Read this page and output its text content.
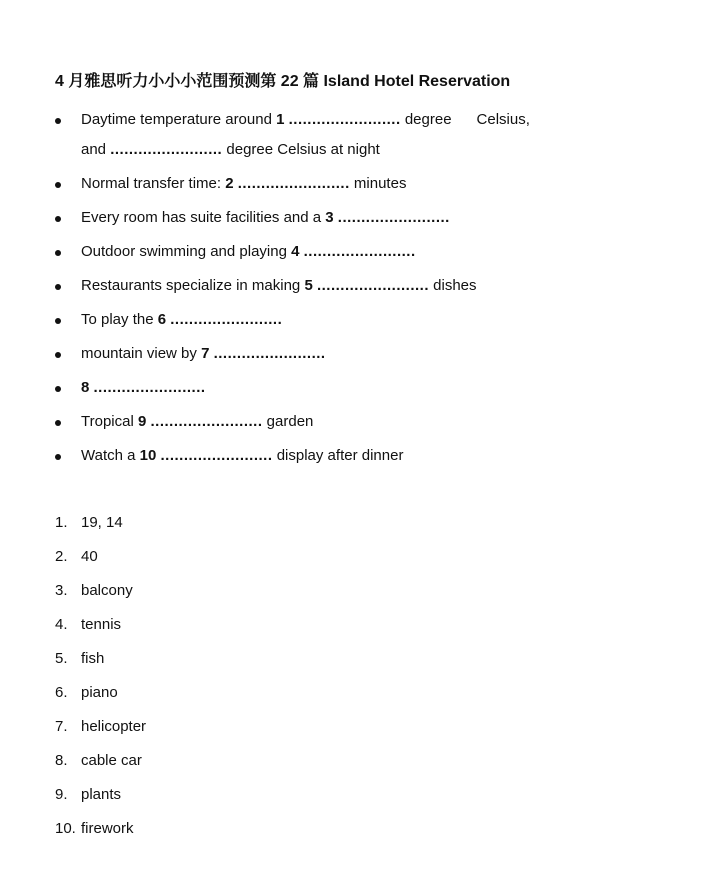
4 月雅思听力小小小范围预测第 22 篇 Island Hotel Reservation
Daytime temperature around 1 ........................ degree      Celsius,
and ........................ degree Celsius at night
Normal transfer time: 2 ........................ minutes
Every room has suite facilities and a 3 ........................
Outdoor swimming and playing 4 ........................
Restaurants specialize in making 5 ........................ dishes
To play the 6 ........................
mountain view by 7 ........................
8 ........................
Tropical 9 ........................ garden
Watch a 10 ........................ display after dinner
1. 19, 14
2. 40
3. balcony
4. tennis
5. fish
6. piano
7. helicopter
8. cable car
9. plants
10. firework
